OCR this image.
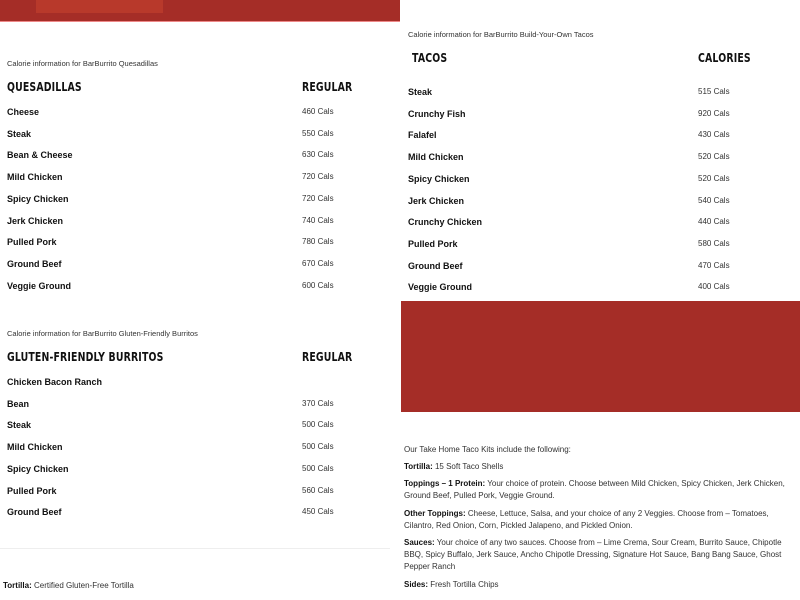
Calorie information for BarBurrito Quesadillas
QUESADILLAS	REGULAR
Cheese	460 Cals
Steak	550 Cals
Bean & Cheese	630 Cals
Mild Chicken	720 Cals
Spicy Chicken	720 Cals
Jerk Chicken	740 Cals
Pulled Pork	780 Cals
Ground Beef	670 Cals
Veggie Ground	600 Cals
Calorie information for BarBurrito Gluten-Friendly Burritos
GLUTEN-FRIENDLY BURRITOS	REGULAR
Chicken Bacon Ranch
Bean	370 Cals
Steak	500 Cals
Mild Chicken	500 Cals
Spicy Chicken	500 Cals
Pulled Pork	560 Cals
Ground Beef	450 Cals
Tortilla: Certified Gluten-Free Tortilla
Calorie information for BarBurrito Build-Your-Own Tacos
TACOS	CALORIES
Steak	515 Cals
Crunchy Fish	920 Cals
Falafel	430 Cals
Mild Chicken	520 Cals
Spicy Chicken	520 Cals
Jerk Chicken	540 Cals
Crunchy Chicken	440 Cals
Pulled Pork	580 Cals
Ground Beef	470 Cals
Veggie Ground	400 Cals
Our Take Home Taco Kits include the following:
Tortilla: 15 Soft Taco Shells
Toppings – 1 Protein: Your choice of protein. Choose between Mild Chicken, Spicy Chicken, Jerk Chicken, Ground Beef, Pulled Pork, Veggie Ground.
Other Toppings: Cheese, Lettuce, Salsa, and your choice of any 2 Veggies. Choose from – Tomatoes, Cilantro, Red Onion, Corn, Pickled Jalapeno, and Pickled Onion.
Sauces: Your choice of any two sauces. Choose from – Lime Crema, Sour Cream, Burrito Sauce, Chipotle BBQ, Spicy Buffalo, Jerk Sauce, Ancho Chipotle Dressing, Signature Hot Sauce, Bang Bang Sauce, Ghost Pepper Ranch
Sides: Fresh Tortilla Chips
